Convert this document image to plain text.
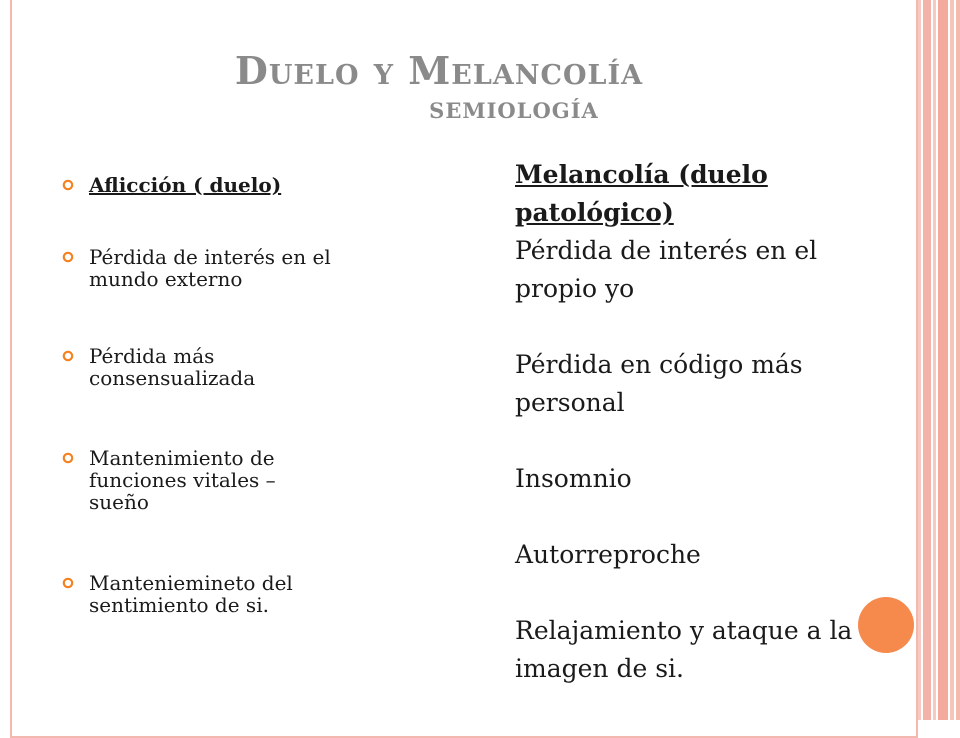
Duelo y Melancolía
semiología
Aflicción ( duelo)
Pérdida de interés en el mundo externo
Pérdida más consensualizada
Mantenimiento de funciones vitales – sueño
Manteniemineto del sentimiento de si.
Melancolía (duelo patológico)
Pérdida de interés en el propio yo
Pérdida en código más personal
Insomnio
Autorreproche
Relajamiento y ataque a la imagen de si.
